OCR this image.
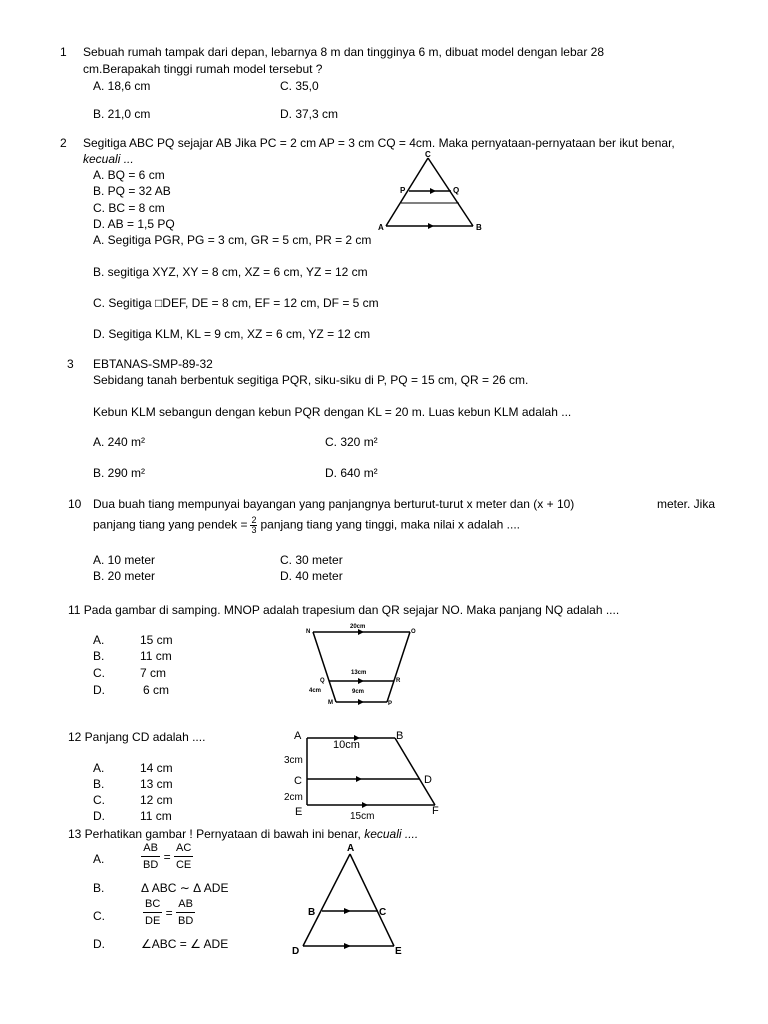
1 Sebuah rumah tampak dari depan, lebarnya 8 m dan tingginya 6 m, dibuat model dengan lebar 28
cm.Berapakah tinggi rumah model tersebut ?
A. 18,6 cm	C. 35,0
B. 21,0 cm	D. 37,3 cm
2 Segitiga ABC PQ sejajar AB Jika PC = 2 cm AP = 3 cm CQ = 4cm. Maka pernyataan-pernyataan ber ikut benar,
kecuali ...
A. BQ = 6 cm
B. PQ = 32 AB
C. BC = 8 cm
D. AB = 1,5 PQ
A. Segitiga PGR, PG = 3 cm, GR = 5 cm, PR = 2 cm
B. segitiga XYZ, XY = 8 cm, XZ = 6 cm, YZ = 12 cm
C. Segitiga □DEF, DE = 8 cm, EF = 12 cm, DF = 5 cm
D. Segitiga KLM, KL = 9 cm, XZ = 6 cm, YZ = 12 cm
C
P	Q
A	B
3 EBTANAS-SMP-89-32
Sebidang tanah berbentuk segitiga PQR, siku-siku di P, PQ = 15 cm, QR = 26 cm.
Kebun KLM sebangun dengan kebun PQR dengan KL = 20 m. Luas kebun KLM adalah ...
A. 240 m²	C. 320 m²
B. 290 m²	D. 640 m²
10 Dua buah tiang mempunyai bayangan yang panjangnya berturut-turut x meter dan (x + 10)	meter. Jika
panjang tiang yang pendek = $\frac{2}{3}$ panjang tiang yang tinggi, maka nilai x adalah ....
A. 10 meter	C. 30 meter
B. 20 meter	D. 40 meter
11 Pada gambar di samping. MNOP adalah trapesium dan QR sejajar NO. Maka panjang NQ adalah ....
A.	15 cm
B.	11 cm
C.	7 cm
D.	6 cm
20cm
13cm
9cm
4cm
N	O
Q	R
M	P
12 Panjang CD adalah ....
A.	14 cm
B.	13 cm
C.	12 cm
D.	11 cm
A	B
C	D
E	F
10cm
3cm
2cm
15cm
13 Perhatikan gambar ! Pernyataan di bawah ini benar, kecuali ....
A.	$\frac{AB}{BD} = \frac{AC}{CE}$
B.	Δ ABC ∼ Δ ADE
C.	$\frac{BC}{DE} = \frac{AB}{BD}$
D.	∠ABC = ∠ ADE
A
B	C
D	E
